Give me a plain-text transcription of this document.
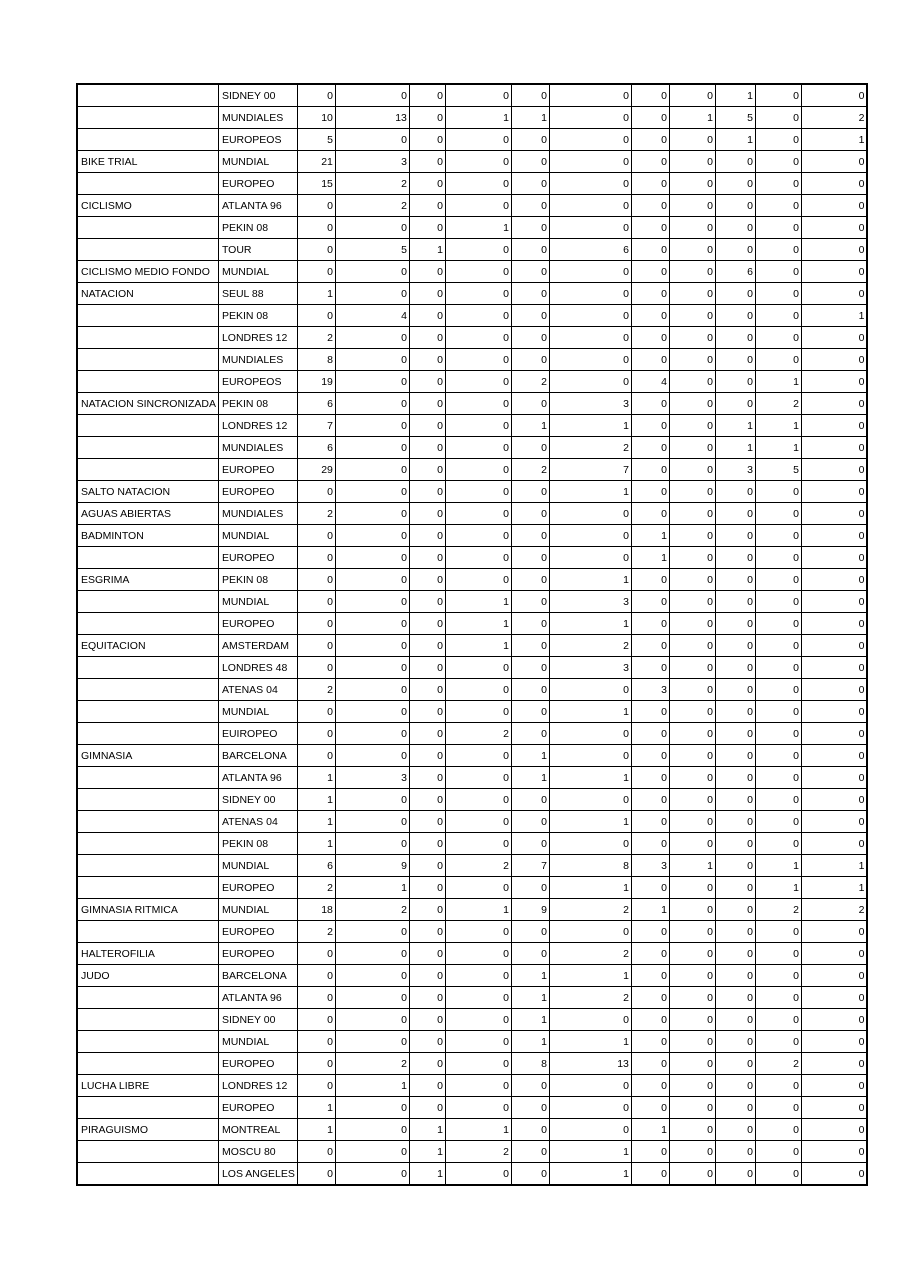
	SIDNEY 00	0	0	0	0	0	0	0	0	1	0	0
	MUNDIALES	10	13	0	1	1	0	0	1	5	0	2
	EUROPEOS	5	0	0	0	0	0	0	0	1	0	1
BIKE TRIAL	MUNDIAL	21	3	0	0	0	0	0	0	0	0	0
	EUROPEO	15	2	0	0	0	0	0	0	0	0	0
CICLISMO	ATLANTA 96	0	2	0	0	0	0	0	0	0	0	0
	PEKIN 08	0	0	0	1	0	0	0	0	0	0	0
	TOUR	0	5	1	0	0	6	0	0	0	0	0
CICLISMO MEDIO FONDO	MUNDIAL	0	0	0	0	0	0	0	0	6	0	0
NATACION	SEUL 88	1	0	0	0	0	0	0	0	0	0	0
	PEKIN 08	0	4	0	0	0	0	0	0	0	0	1
	LONDRES 12	2	0	0	0	0	0	0	0	0	0	0
	MUNDIALES	8	0	0	0	0	0	0	0	0	0	0
	EUROPEOS	19	0	0	0	2	0	4	0	0	1	0
NATACION SINCRONIZADA	PEKIN 08	6	0	0	0	0	3	0	0	0	2	0
	LONDRES 12	7	0	0	0	1	1	0	0	1	1	0
	MUNDIALES	6	0	0	0	0	2	0	0	1	1	0
	EUROPEO	29	0	0	0	2	7	0	0	3	5	0
SALTO NATACION	EUROPEO	0	0	0	0	0	1	0	0	0	0	0
AGUAS ABIERTAS	MUNDIALES	2	0	0	0	0	0	0	0	0	0	0
BADMINTON	MUNDIAL	0	0	0	0	0	0	1	0	0	0	0
	EUROPEO	0	0	0	0	0	0	1	0	0	0	0
ESGRIMA	PEKIN 08	0	0	0	0	0	1	0	0	0	0	0
	MUNDIAL	0	0	0	1	0	3	0	0	0	0	0
	EUROPEO	0	0	0	1	0	1	0	0	0	0	0
EQUITACION	AMSTERDAM	0	0	0	1	0	2	0	0	0	0	0
	LONDRES 48	0	0	0	0	0	3	0	0	0	0	0
	ATENAS 04	2	0	0	0	0	0	3	0	0	0	0
	MUNDIAL	0	0	0	0	0	1	0	0	0	0	0
	EUIROPEO	0	0	0	2	0	0	0	0	0	0	0
GIMNASIA	BARCELONA	0	0	0	0	1	0	0	0	0	0	0
	ATLANTA 96	1	3	0	0	1	1	0	0	0	0	0
	SIDNEY 00	1	0	0	0	0	0	0	0	0	0	0
	ATENAS 04	1	0	0	0	0	1	0	0	0	0	0
	PEKIN 08	1	0	0	0	0	0	0	0	0	0	0
	MUNDIAL	6	9	0	2	7	8	3	1	0	1	1
	EUROPEO	2	1	0	0	0	1	0	0	0	1	1
GIMNASIA RITMICA	MUNDIAL	18	2	0	1	9	2	1	0	0	2	2
	EUROPEO	2	0	0	0	0	0	0	0	0	0	0
HALTEROFILIA	EUROPEO	0	0	0	0	0	2	0	0	0	0	0
JUDO	BARCELONA	0	0	0	0	1	1	0	0	0	0	0
	ATLANTA 96	0	0	0	0	1	2	0	0	0	0	0
	SIDNEY 00	0	0	0	0	1	0	0	0	0	0	0
	MUNDIAL	0	0	0	0	1	1	0	0	0	0	0
	EUROPEO	0	2	0	0	8	13	0	0	0	2	0
LUCHA LIBRE	LONDRES 12	0	1	0	0	0	0	0	0	0	0	0
	EUROPEO	1	0	0	0	0	0	0	0	0	0	0
PIRAGUISMO	MONTREAL	1	0	1	1	0	0	1	0	0	0	0
	MOSCU 80	0	0	1	2	0	1	0	0	0	0	0
	LOS ANGELES	0	0	1	0	0	1	0	0	0	0	0
